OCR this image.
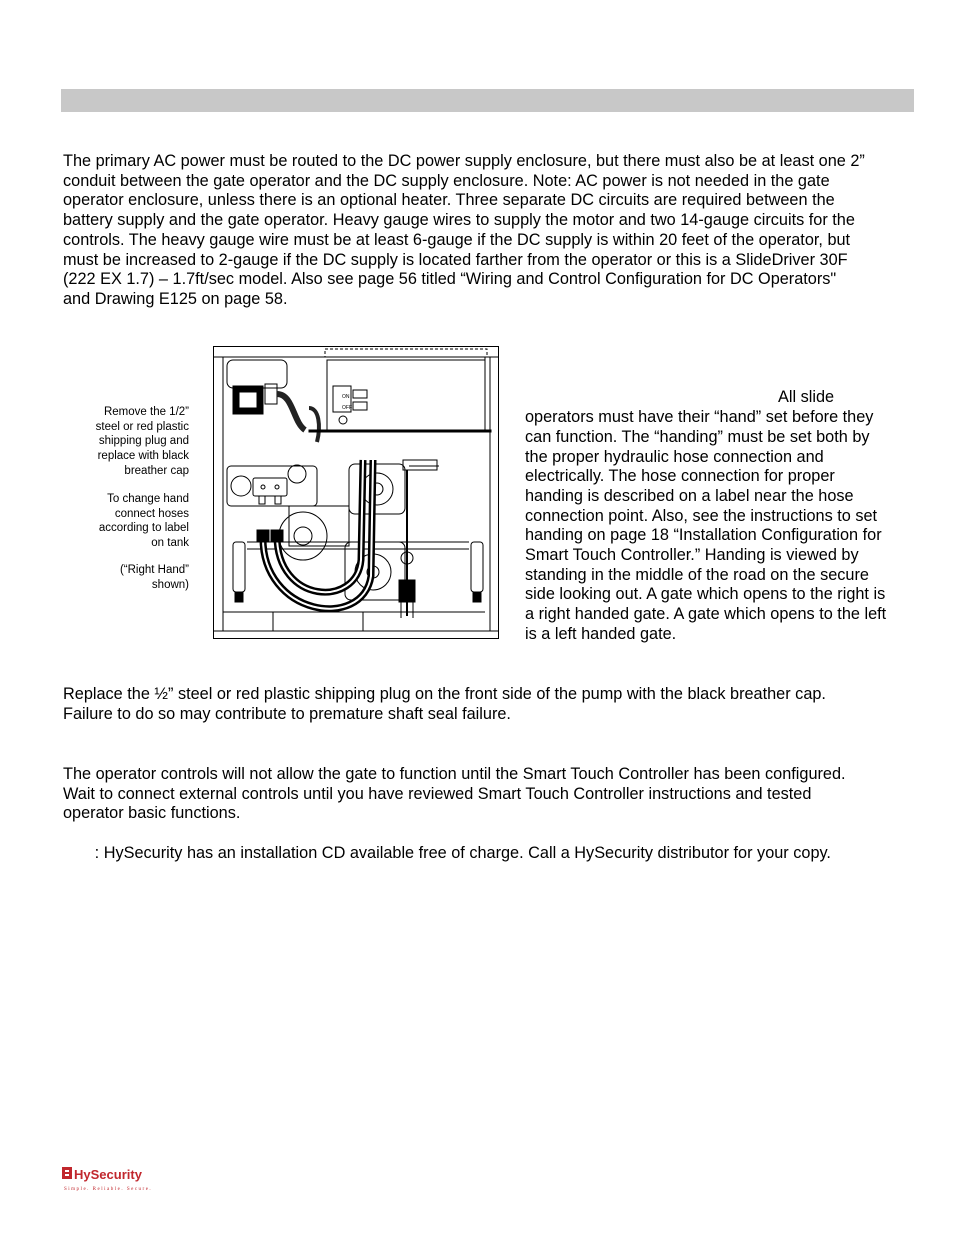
The primary AC power must be routed to the DC power supply enclosure, but there must also be at least one 2”
conduit between the gate operator and the DC supply enclosure. Note: AC power is not needed in the gate
operator enclosure, unless there is an optional heater. Three separate DC circuits are required between the
battery supply and the gate operator. Heavy gauge wires to supply the motor and two 14-gauge circuits for the
controls. The heavy gauge wire must be at least 6-gauge if the DC supply is within 20 feet of the operator, but
must be increased to 2-gauge if the DC supply is located farther from the operator or this is a SlideDriver 30F
(222 EX 1.7) – 1.7ft/sec model. Also see page 56 titled “Wiring and Control Configuration for DC Operators"
and Drawing E125 on page 58.

Remove the 1/2”
steel or red plastic
shipping plug and
replace with black
breather cap
To change hand
connect hoses
according to label
on tank
(“Right Hand”
shown)
ON
OFF

All slide
operators must have their “hand” set before they
can function. The “handing” must be set both by
the proper hydraulic hose connection and
electrically. The hose connection for proper
handing is described on a label near the hose
connection point. Also, see the instructions to set
handing on page 18 “Installation Configuration for
Smart Touch Controller.” Handing is viewed by
standing in the middle of the road on the secure
side looking out. A gate which opens to the right is
a right handed gate. A gate which opens to the left
is a left handed gate.

Replace the ½” steel or red plastic shipping plug on the front side of the pump with the black breather cap.
Failure to do so may contribute to premature shaft seal failure.

The operator controls will not allow the gate to function until the Smart Touch Controller has been configured.
Wait to connect external controls until you have reviewed Smart Touch Controller instructions and tested
operator basic functions.

: HySecurity has an installation CD available free of charge. Call a HySecurity distributor for your copy.

HySecurity
Simple. Reliable. Secure.
